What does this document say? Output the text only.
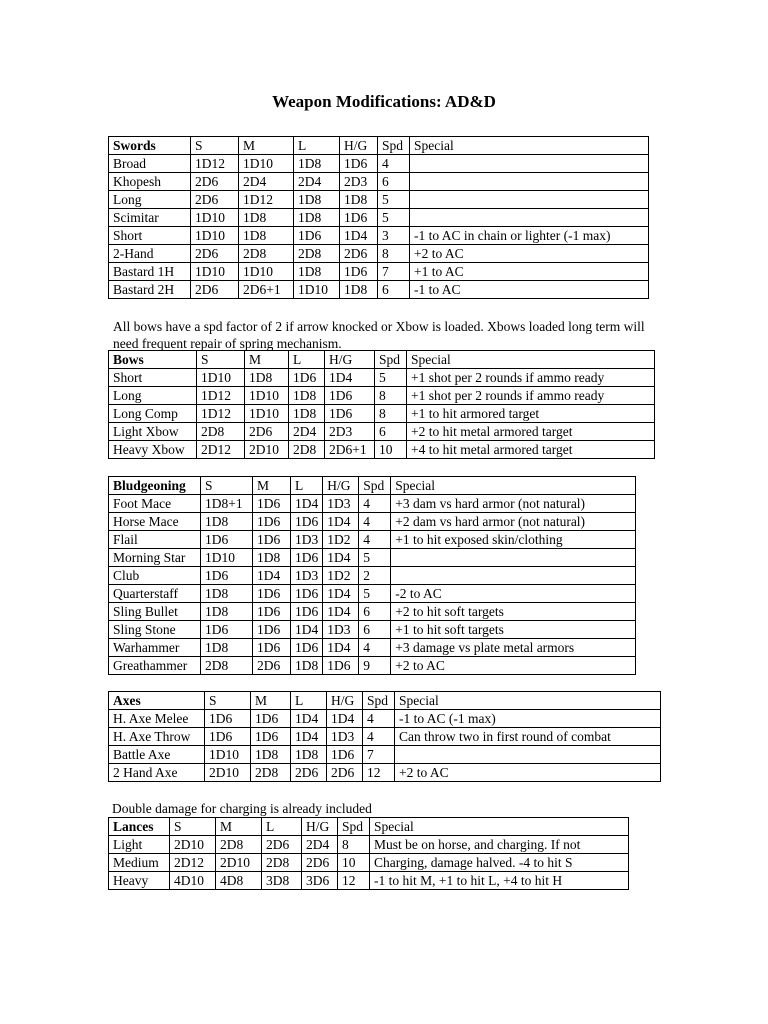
Weapon Modifications: AD&D
Swords	S	M	L	H/G	Spd	Special
Broad	1D12	1D10	1D8	1D6	4	
Khopesh	2D6	2D4	2D4	2D3	6	
Long	2D6	1D12	1D8	1D8	5	
Scimitar	1D10	1D8	1D8	1D6	5	
Short	1D10	1D8	1D6	1D4	3	-1 to AC in chain or lighter (-1 max)
2-Hand	2D6	2D8	2D8	2D6	8	+2 to AC
Bastard 1H	1D10	1D10	1D8	1D6	7	+1 to AC
Bastard 2H	2D6	2D6+1	1D10	1D8	6	-1 to AC
All bows have a spd factor of 2 if arrow knocked or Xbow is loaded. Xbows loaded long term will need frequent repair of spring mechanism.
Bows	S	M	L	H/G	Spd	Special
Short	1D10	1D8	1D6	1D4	5	+1 shot per 2 rounds if ammo ready
Long	1D12	1D10	1D8	1D6	8	+1 shot per 2 rounds if ammo ready
Long Comp	1D12	1D10	1D8	1D6	8	+1 to hit armored target
Light Xbow	2D8	2D6	2D4	2D3	6	+2 to hit metal armored target
Heavy Xbow	2D12	2D10	2D8	2D6+1	10	+4 to hit metal armored target
Bludgeoning	S	M	L	H/G	Spd	Special
Foot Mace	1D8+1	1D6	1D4	1D3	4	+3 dam vs hard armor (not natural)
Horse Mace	1D8	1D6	1D6	1D4	4	+2 dam vs hard armor (not natural)
Flail	1D6	1D6	1D3	1D2	4	+1 to hit exposed skin/clothing
Morning Star	1D10	1D8	1D6	1D4	5	
Club	1D6	1D4	1D3	1D2	2	
Quarterstaff	1D8	1D6	1D6	1D4	5	-2 to AC
Sling Bullet	1D8	1D6	1D6	1D4	6	+2 to hit soft targets
Sling Stone	1D6	1D6	1D4	1D3	6	+1 to hit soft targets
Warhammer	1D8	1D6	1D6	1D4	4	+3 damage vs plate metal armors
Greathammer	2D8	2D6	1D8	1D6	9	+2 to AC
Axes	S	M	L	H/G	Spd	Special
H. Axe Melee	1D6	1D6	1D4	1D4	4	-1 to AC (-1 max)
H. Axe Throw	1D6	1D6	1D4	1D3	4	Can throw two in first round of combat
Battle Axe	1D10	1D8	1D8	1D6	7	
2 Hand Axe	2D10	2D8	2D6	2D6	12	+2 to AC
Double damage for charging is already included
Lances	S	M	L	H/G	Spd	Special
Light	2D10	2D8	2D6	2D4	8	Must be on horse, and charging. If not
Medium	2D12	2D10	2D8	2D6	10	Charging, damage halved. -4 to hit S
Heavy	4D10	4D8	3D8	3D6	12	-1 to hit M, +1 to hit L, +4 to hit H
